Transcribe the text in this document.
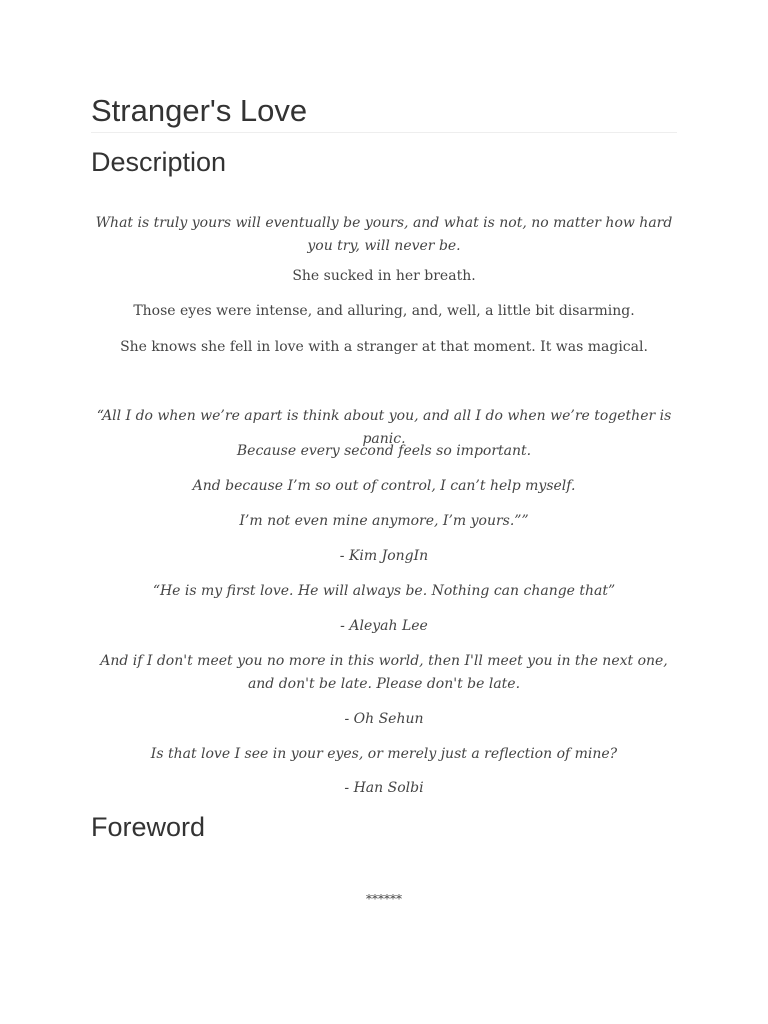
Stranger's Love
Description

What is truly yours will eventually be yours, and what is not, no matter how hard you try, will never be.

She sucked in her breath.

Those eyes were intense, and alluring, and, well, a little bit disarming.

She knows she fell in love with a stranger at that moment. It was magical.

“All I do when we’re apart is think about you, and all I do when we’re together is panic.

Because every second feels so important.

And because I’m so out of control, I can’t help myself.

I’m not even mine anymore, I’m yours.””

- Kim JongIn

“He is my first love. He will always be. Nothing can change that”

- Aleyah Lee

And if I don't meet you no more in this world, then I'll meet you in the next one, and don't be late. Please don't be late.

- Oh Sehun

Is that love I see in your eyes, or merely just a reflection of mine?

- Han Solbi

Foreword

******
